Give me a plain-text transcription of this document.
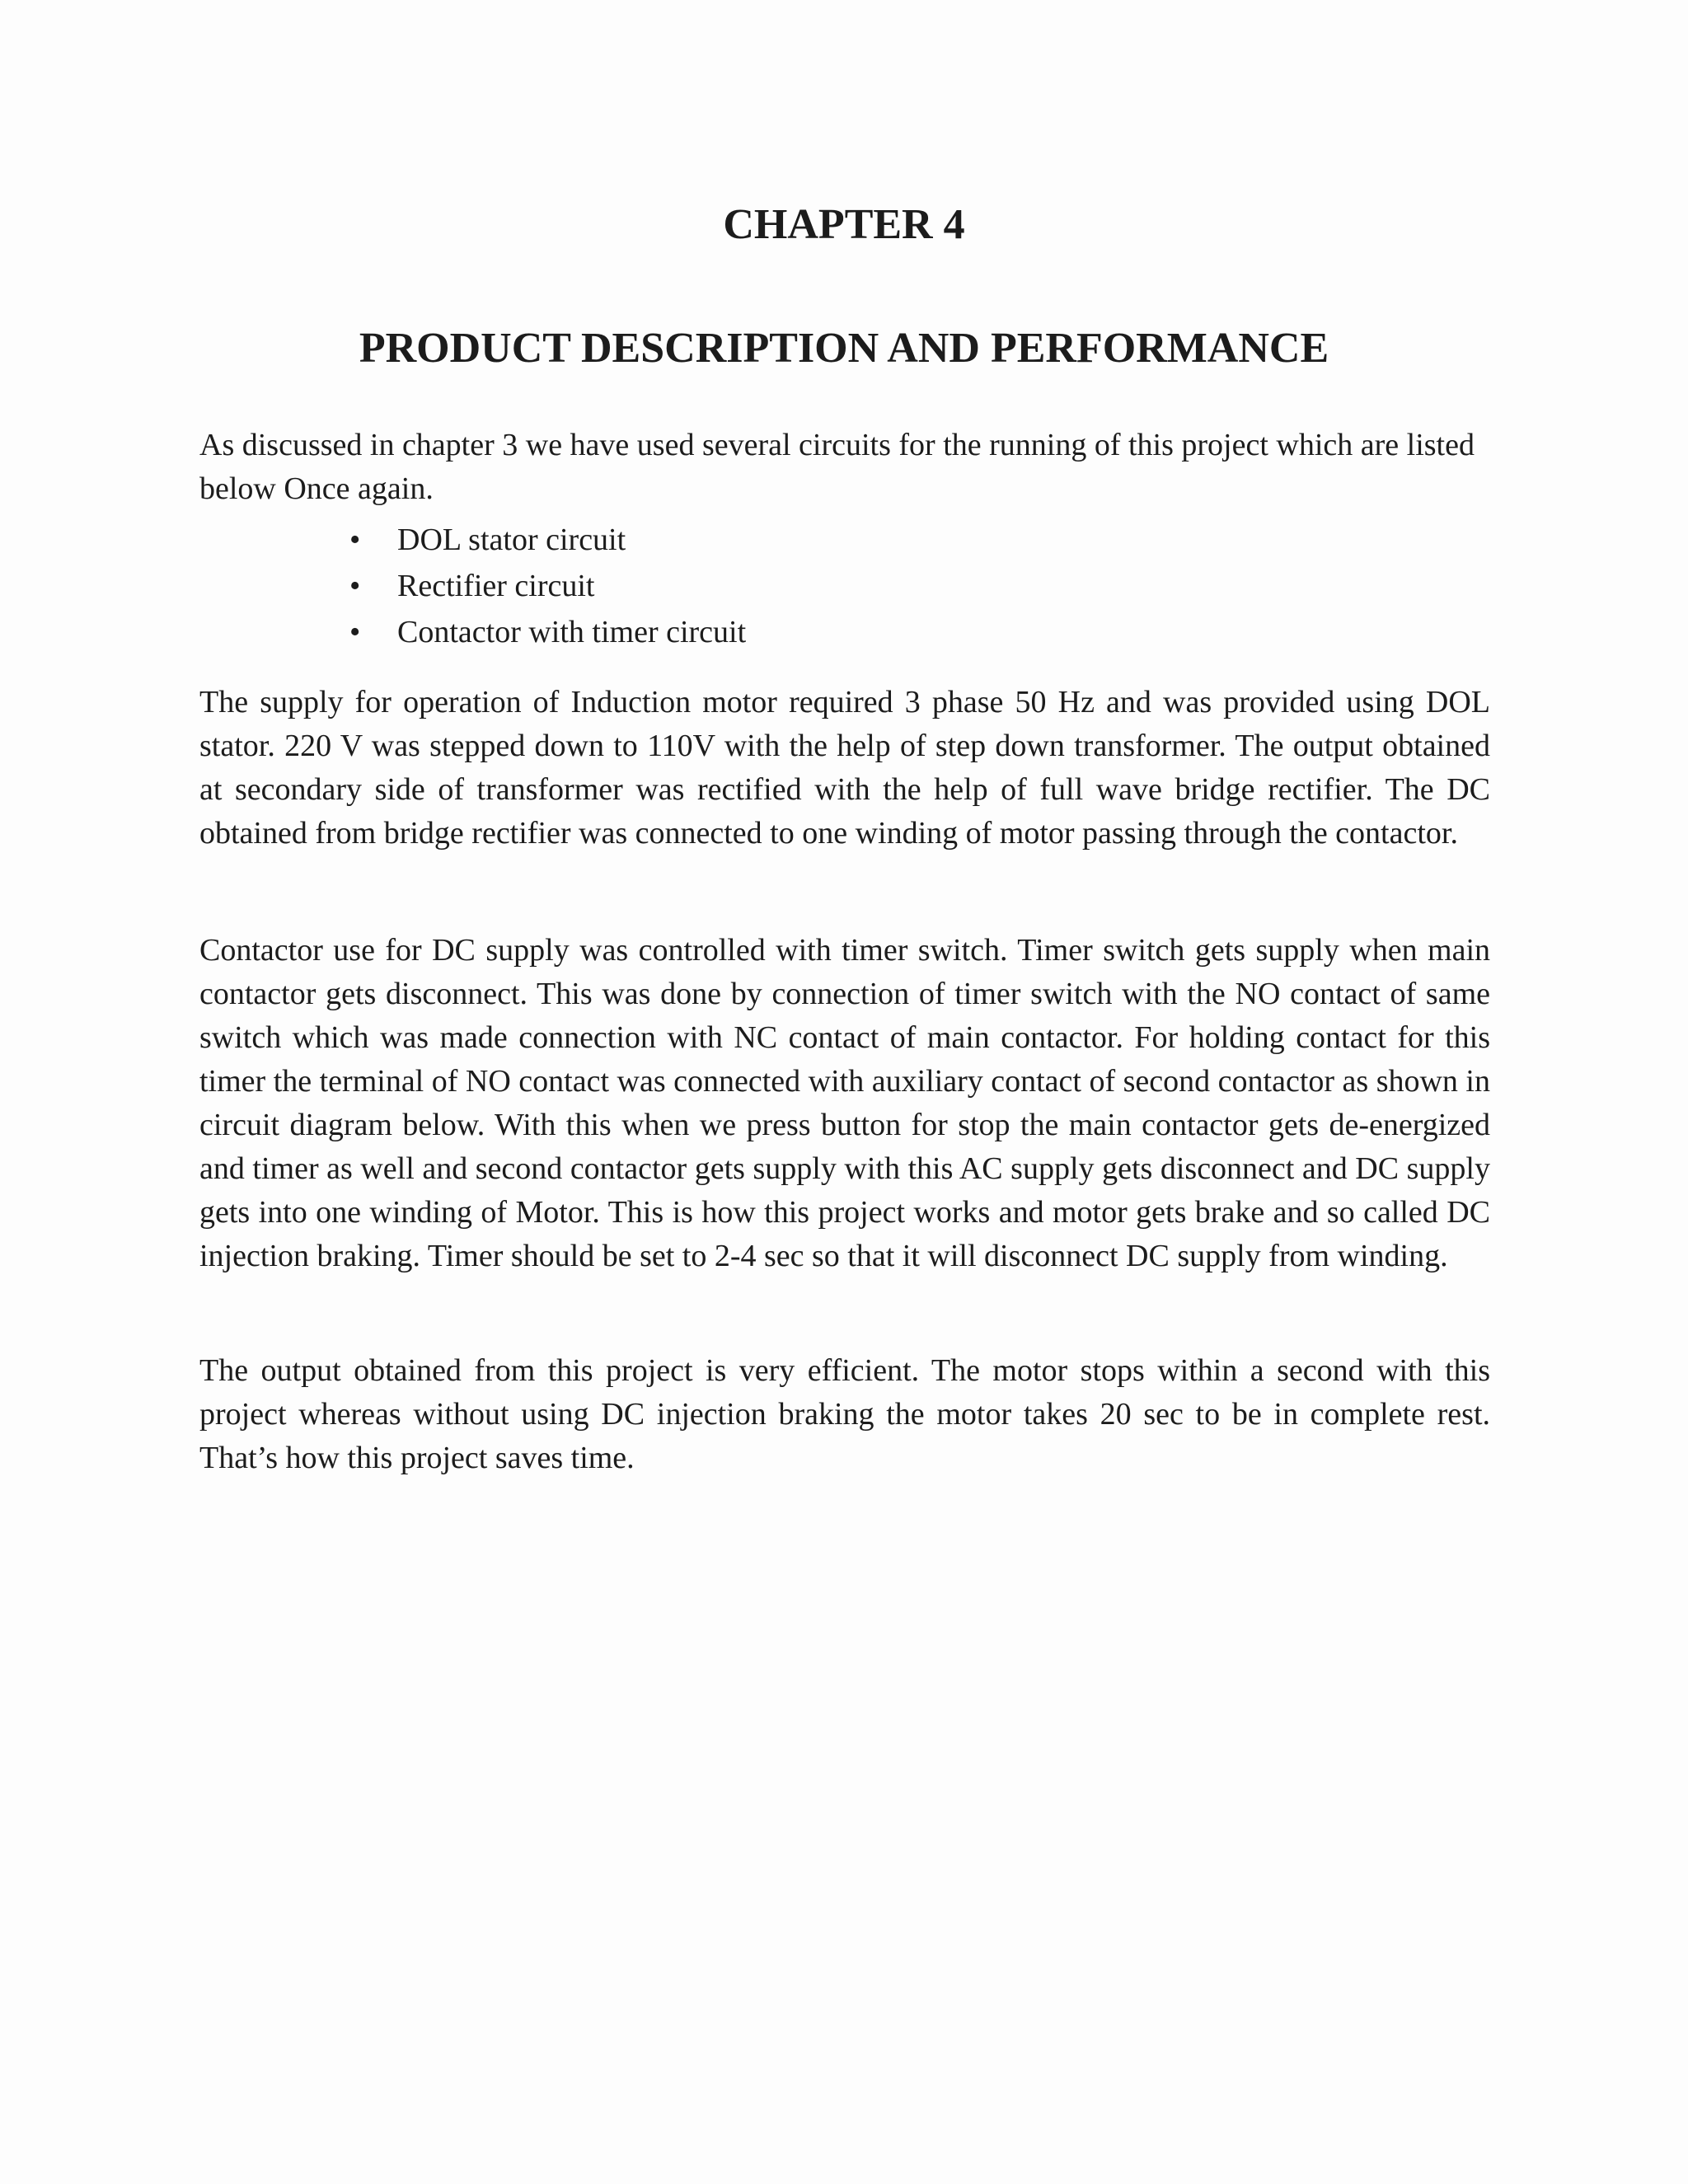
CHAPTER 4
PRODUCT DESCRIPTION AND PERFORMANCE

As discussed in chapter 3 we have used several circuits for the running of this project which are listed below Once again.

• DOL stator circuit
• Rectifier circuit
• Contactor with timer circuit

The supply for operation of Induction motor required 3 phase 50 Hz and was provided using DOL stator. 220 V was stepped down to 110V with the help of step down transformer. The output obtained at secondary side of transformer was rectified with the help of full wave bridge rectifier. The DC obtained from bridge rectifier was connected to one winding of motor passing through the contactor.

Contactor use for DC supply was controlled with timer switch. Timer switch gets supply when main contactor gets disconnect. This was done by connection of timer switch with the NO contact of same switch which was made connection with NC contact of main contactor. For holding contact for this timer the terminal of NO contact was connected with auxiliary contact of second contactor as shown in circuit diagram below. With this when we press button for stop the main contactor gets de-energized and timer as well and second contactor gets supply with this AC supply gets disconnect and DC supply gets into one winding of Motor. This is how this project works and motor gets brake and so called DC injection braking. Timer should be set to 2-4 sec so that it will disconnect DC supply from winding.

The output obtained from this project is very efficient. The motor stops within a second with this project whereas without using DC injection braking the motor takes 20 sec to be in complete rest. That’s how this project saves time.
